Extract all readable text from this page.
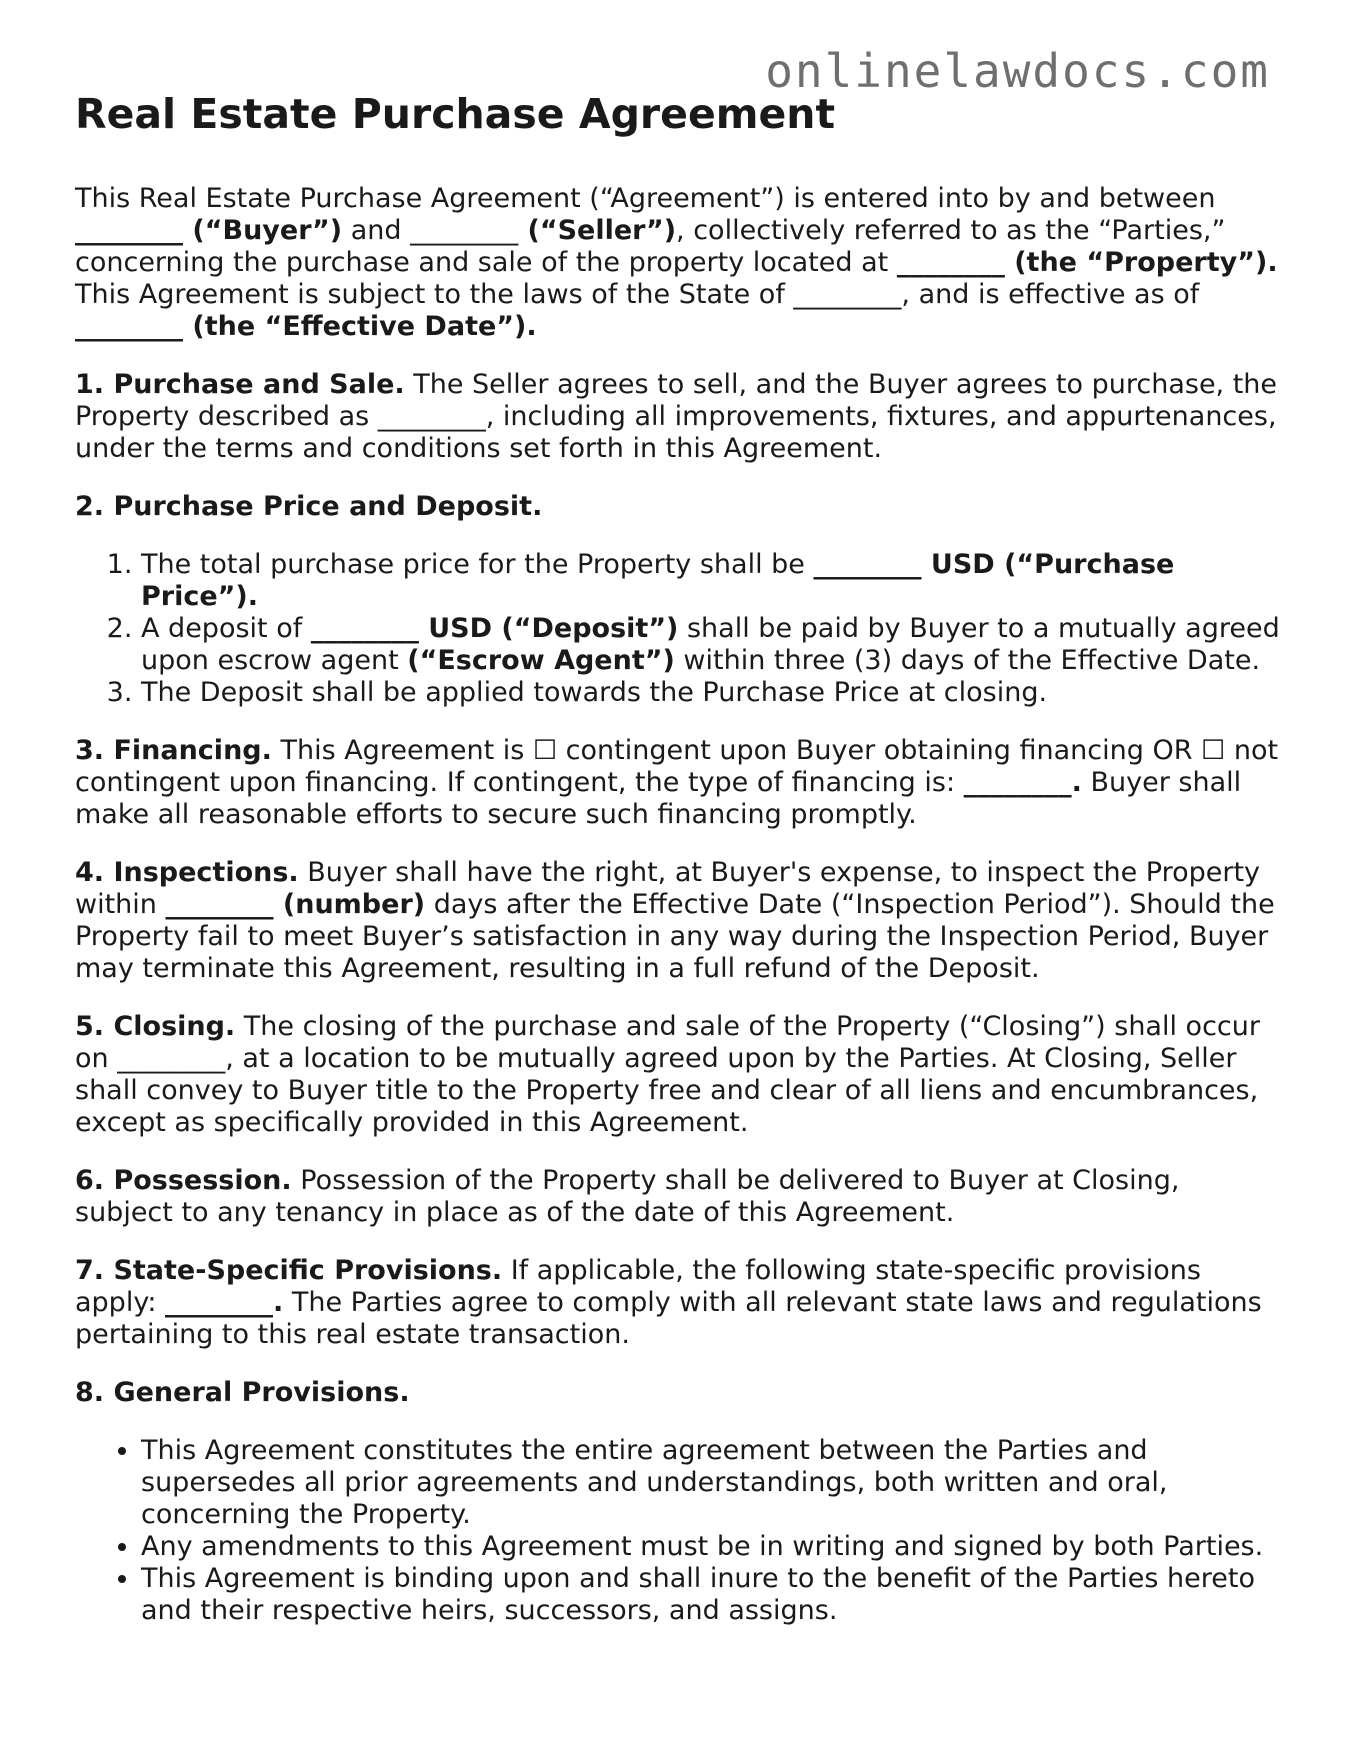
onlinelawdocs.com
Real Estate Purchase Agreement

This Real Estate Purchase Agreement (“Agreement”) is entered into by and between ________ (“Buyer”) and ________ (“Seller”), collectively referred to as the “Parties,” concerning the purchase and sale of the property located at ________ (the “Property”). This Agreement is subject to the laws of the State of ________, and is effective as of ________ (the “Effective Date”).

1. Purchase and Sale. The Seller agrees to sell, and the Buyer agrees to purchase, the Property described as ________, including all improvements, fixtures, and appurtenances, under the terms and conditions set forth in this Agreement.

2. Purchase Price and Deposit.

1. The total purchase price for the Property shall be ________ USD (“Purchase Price”).
2. A deposit of ________ USD (“Deposit”) shall be paid by Buyer to a mutually agreed upon escrow agent (“Escrow Agent”) within three (3) days of the Effective Date.
3. The Deposit shall be applied towards the Purchase Price at closing.

3. Financing. This Agreement is ☐ contingent upon Buyer obtaining financing OR ☐ not contingent upon financing. If contingent, the type of financing is: ________. Buyer shall make all reasonable efforts to secure such financing promptly.

4. Inspections. Buyer shall have the right, at Buyer's expense, to inspect the Property within ________ (number) days after the Effective Date (“Inspection Period”). Should the Property fail to meet Buyer’s satisfaction in any way during the Inspection Period, Buyer may terminate this Agreement, resulting in a full refund of the Deposit.

5. Closing. The closing of the purchase and sale of the Property (“Closing”) shall occur on ________, at a location to be mutually agreed upon by the Parties. At Closing, Seller shall convey to Buyer title to the Property free and clear of all liens and encumbrances, except as specifically provided in this Agreement.

6. Possession. Possession of the Property shall be delivered to Buyer at Closing, subject to any tenancy in place as of the date of this Agreement.

7. State-Specific Provisions. If applicable, the following state-specific provisions apply: ________. The Parties agree to comply with all relevant state laws and regulations pertaining to this real estate transaction.

8. General Provisions.

• This Agreement constitutes the entire agreement between the Parties and supersedes all prior agreements and understandings, both written and oral, concerning the Property.
• Any amendments to this Agreement must be in writing and signed by both Parties.
• This Agreement is binding upon and shall inure to the benefit of the Parties hereto and their respective heirs, successors, and assigns.
